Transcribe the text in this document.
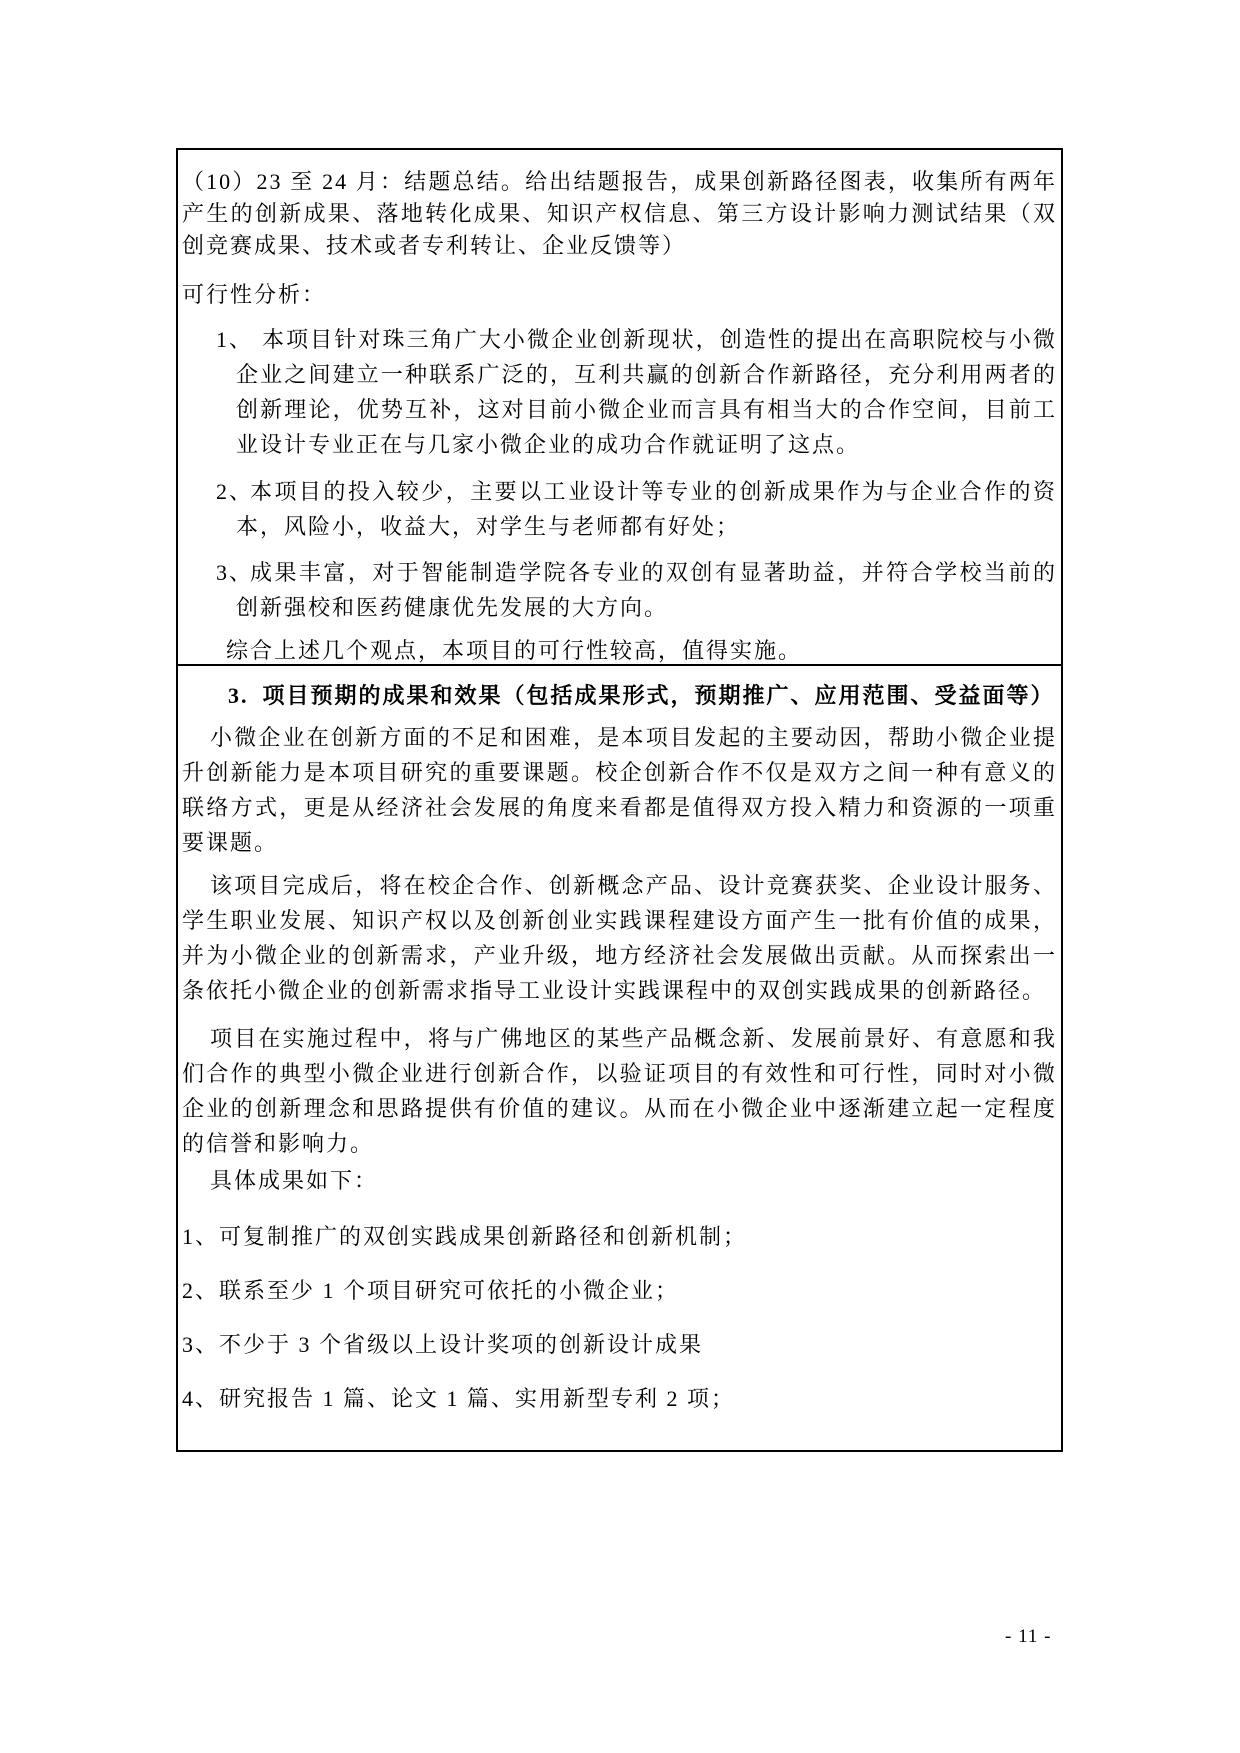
（10）23 至 24 月：结题总结。给出结题报告，成果创新路径图表，收集所有两年产生的创新成果、落地转化成果、知识产权信息、第三方设计影响力测试结果（双创竞赛成果、技术或者专利转让、企业反馈等）
可行性分析：
1、 本项目针对珠三角广大小微企业创新现状，创造性的提出在高职院校与小微企业之间建立一种联系广泛的，互利共赢的创新合作新路径，充分利用两者的创新理论，优势互补，这对目前小微企业而言具有相当大的合作空间，目前工业设计专业正在与几家小微企业的成功合作就证明了这点。
2、
本项目的投入较少，主要以工业设计等专业的创新成果作为与企业合作的资本，风险小，收益大，对学生与老师都有好处；
3、
成果丰富，对于智能制造学院各专业的双创有显著助益，并符合学校当前的创新强校和医药健康优先发展的大方向。
综合上述几个观点，本项目的可行性较高，值得实施。
3. 项目预期的成果和效果（包括成果形式，预期推广、应用范围、受益面等）
小微企业在创新方面的不足和困难，是本项目发起的主要动因，帮助小微企业提升创新能力是本项目研究的重要课题。校企创新合作不仅是双方之间一种有意义的联络方式，更是从经济社会发展的角度来看都是值得双方投入精力和资源的一项重要课题。
该项目完成后，将在校企合作、创新概念产品、设计竞赛获奖、企业设计服务、学生职业发展、知识产权以及创新创业实践课程建设方面产生一批有价值的成果，并为小微企业的创新需求，产业升级，地方经济社会发展做出贡献。从而探索出一条依托小微企业的创新需求指导工业设计实践课程中的双创实践成果的创新路径。
项目在实施过程中，将与广佛地区的某些产品概念新、发展前景好、有意愿和我们合作的典型小微企业进行创新合作，以验证项目的有效性和可行性，同时对小微企业的创新理念和思路提供有价值的建议。从而在小微企业中逐渐建立起一定程度的信誉和影响力。
具体成果如下：
1、可复制推广的双创实践成果创新路径和创新机制；
2、联系至少 1 个项目研究可依托的小微企业；
3、不少于 3 个省级以上设计奖项的创新设计成果
4、研究报告 1 篇、论文 1 篇、实用新型专利 2 项；
- 11 -
